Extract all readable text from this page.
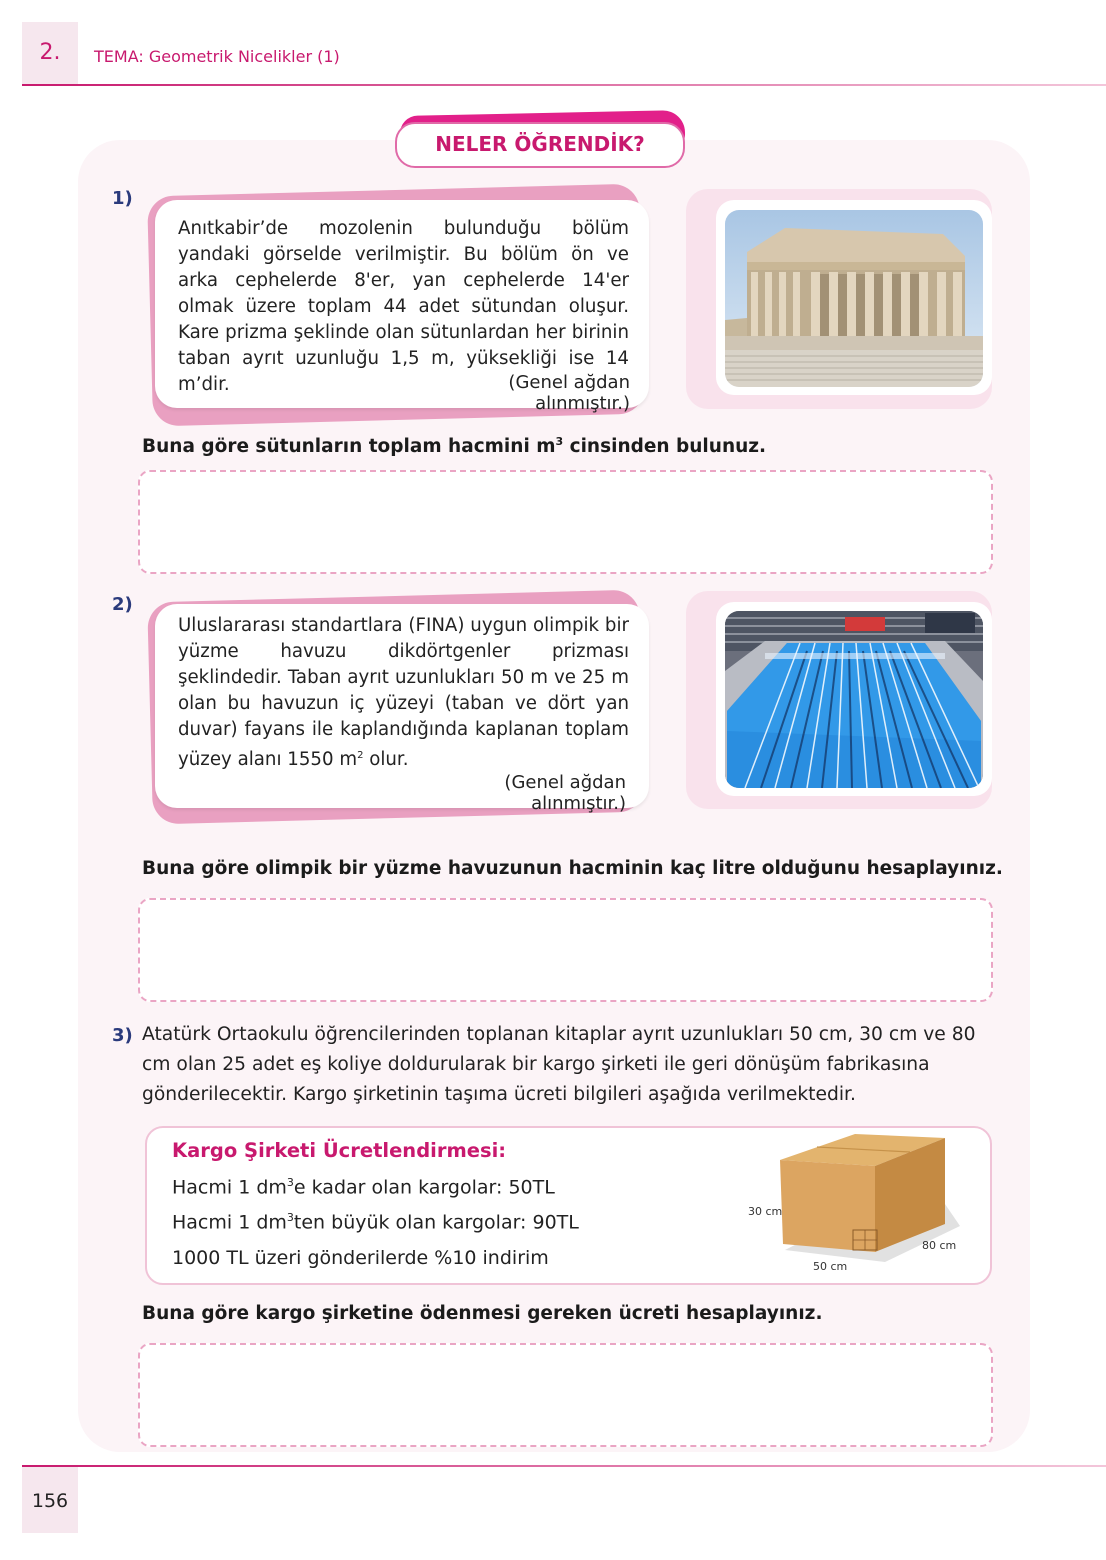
2.	TEMA: Geometrik Nicelikler (1)
NELER ÖĞRENDİK?
1)
Anıtkabir’de mozolenin bulunduğu bölüm yandaki görselde verilmiştir. Bu bölüm ön ve arka cephelerde 8'er, yan cephelerde 14'er olmak üzere toplam 44 adet sütundan oluşur. Kare prizma şeklinde olan sütunlardan her birinin taban ayrıt uzunluğu 1,5 m, yüksekliği ise 14 m’dir.	(Genel ağdan alınmıştır.)
Buna göre sütunların toplam hacmini $m^3$ cinsinden bulunuz.
2)
Uluslararası standartlara (FINA) uygun olimpik bir yüzme havuzu dikdörtgenler prizması şeklindedir. Taban ayrıt uzunlukları 50 m ve 25 m olan bu havuzun iç yüzeyi (taban ve dört yan duvar) fayans ile kaplandığında kaplanan toplam yüzey alanı 1550 $m^2$ olur.
(Genel ağdan alınmıştır.)
Buna göre olimpik bir yüzme havuzunun hacminin kaç litre olduğunu hesaplayınız.
3) Atatürk Ortaokulu öğrencilerinden toplanan kitaplar ayrıt uzunlukları 50 cm, 30 cm ve 80 cm olan 25 adet eş koliye doldurularak bir kargo şirketi ile geri dönüşüm fabrikasına gönderilecektir. Kargo şirketinin taşıma ücreti bilgileri aşağıda verilmektedir.
Kargo Şirketi Ücretlendirmesi:
Hacmi 1 $dm^3e$ kadar olan kargolar: 50TL
Hacmi 1 $dm^3ten$ büyük olan kargolar: 90TL
1000 TL üzeri gönderilerde %10 indirim
30 cm
50 cm
80 cm
Buna göre kargo şirketine ödenmesi gereken ücreti hesaplayınız.
156
